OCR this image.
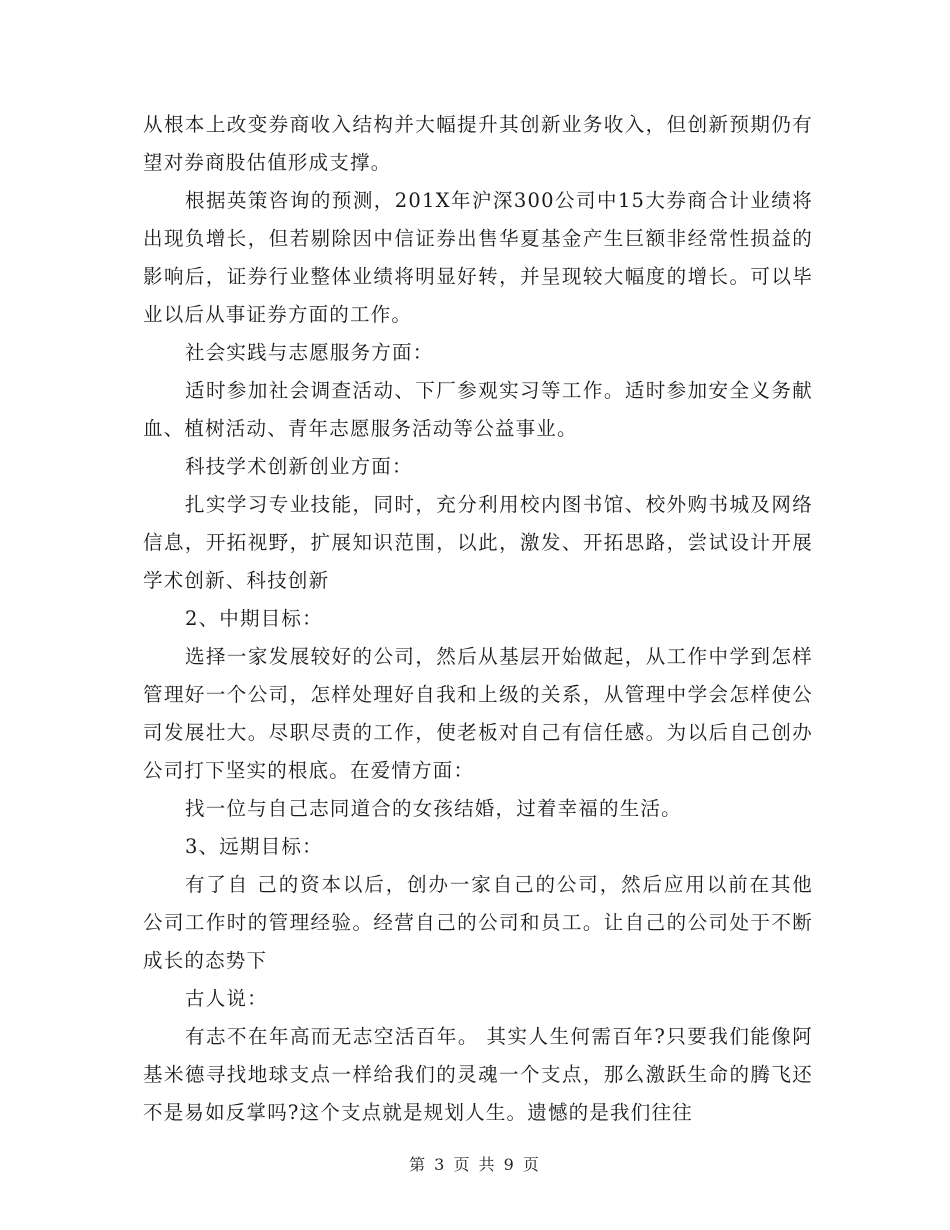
从根本上改变券商收入结构并大幅提升其创新业务收入，但创新预期仍有望对券商股估值形成支撑。

根据英策咨询的预测，201X年沪深300公司中15大券商合计业绩将出现负增长，但若剔除因中信证券出售华夏基金产生巨额非经常性损益的影响后，证券行业整体业绩将明显好转，并呈现较大幅度的增长。可以毕业以后从事证券方面的工作。

社会实践与志愿服务方面：

适时参加社会调查活动、下厂参观实习等工作。适时参加安全义务献血、植树活动、青年志愿服务活动等公益事业。

科技学术创新创业方面：

扎实学习专业技能，同时，充分利用校内图书馆、校外购书城及网络信息，开拓视野，扩展知识范围，以此，激发、开拓思路，尝试设计开展学术创新、科技创新

2、中期目标：

选择一家发展较好的公司，然后从基层开始做起，从工作中学到怎样管理好一个公司，怎样处理好自我和上级的关系，从管理中学会怎样使公司发展壮大。尽职尽责的工作，使老板对自己有信任感。为以后自己创办公司打下坚实的根底。在爱情方面：

找一位与自己志同道合的女孩结婚，过着幸福的生活。

3、远期目标：

有了自 己的资本以后，创办一家自己的公司，然后应用以前在其他公司工作时的管理经验。经营自己的公司和员工。让自己的公司处于不断成长的态势下

古人说：

有志不在年高而无志空活百年。 其实人生何需百年?只要我们能像阿基米德寻找地球支点一样给我们的灵魂一个支点，那么激跃生命的腾飞还不是易如反掌吗?这个支点就是规划人生。遗憾的是我们往往

第 3 页 共 9 页
